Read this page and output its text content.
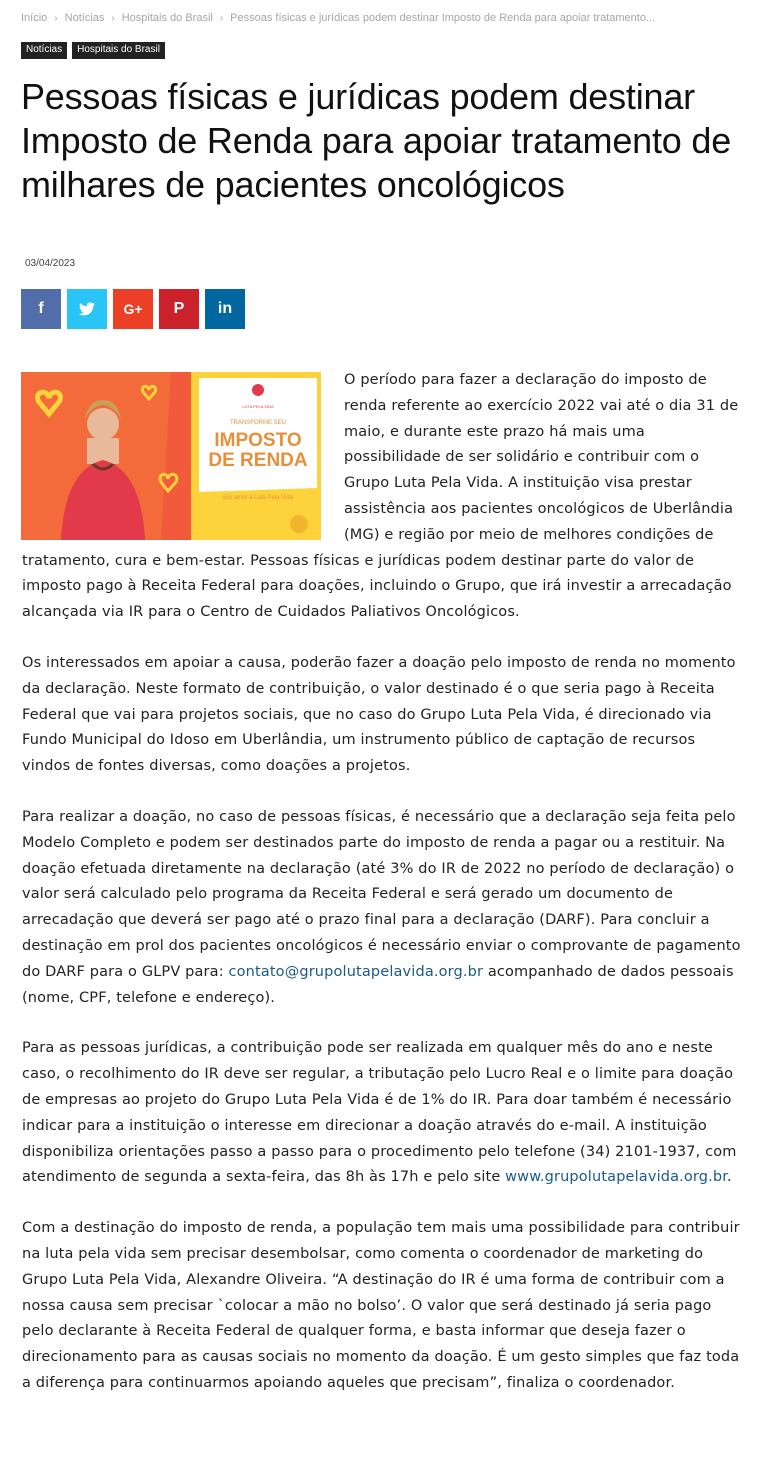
Início › Notícias › Hospitais do Brasil › Pessoas físicas e jurídicas podem destinar Imposto de Renda para apoiar tratamento...
Notícias	Hospitais do Brasil
Pessoas físicas e jurídicas podem destinar Imposto de Renda para apoiar tratamento de milhares de pacientes oncológicos
03/04/2023
f	G+ P in
LUTA PELA VIDA
TRANSFORME SEU
IMPOSTO
DE RENDA
Em amor à Luta Pela Vida

O período para fazer a declaração do imposto de renda referente ao exercício 2022 vai até o dia 31 de maio, e durante este prazo há mais uma possibilidade de ser solidário e contribuir com o Grupo Luta Pela Vida. A instituição visa prestar assistência aos pacientes oncológicos de Uberlândia (MG) e região por meio de melhores condições de tratamento, cura e bem-estar. Pessoas físicas e jurídicas podem destinar parte do valor de imposto pago à Receita Federal para doações, incluindo o Grupo, que irá investir a arrecadação alcançada via IR para o Centro de Cuidados Paliativos Oncológicos.

Os interessados em apoiar a causa, poderão fazer a doação pelo imposto de renda no momento da declaração. Neste formato de contribuição, o valor destinado é o que seria pago à Receita Federal que vai para projetos sociais, que no caso do Grupo Luta Pela Vida, é direcionado via Fundo Municipal do Idoso em Uberlândia, um instrumento público de captação de recursos vindos de fontes diversas, como doações a projetos.

Para realizar a doação, no caso de pessoas físicas, é necessário que a declaração seja feita pelo Modelo Completo e podem ser destinados parte do imposto de renda a pagar ou a restituir. Na doação efetuada diretamente na declaração (até 3% do IR de 2022 no período de declaração) o valor será calculado pelo programa da Receita Federal e será gerado um documento de arrecadação que deverá ser pago até o prazo final para a declaração (DARF). Para concluir a destinação em prol dos pacientes oncológicos é necessário enviar o comprovante de pagamento do DARF para o GLPV para: contato@grupolutapelavida.org.br acompanhado de dados pessoais (nome, CPF, telefone e endereço).

Para as pessoas jurídicas, a contribuição pode ser realizada em qualquer mês do ano e neste caso, o recolhimento do IR deve ser regular, a tributação pelo Lucro Real e o limite para doação de empresas ao projeto do Grupo Luta Pela Vida é de 1% do IR. Para doar também é necessário indicar para a instituição o interesse em direcionar a doação através do e-mail. A instituição disponibiliza orientações passo a passo para o procedimento pelo telefone (34) 2101-1937, com atendimento de segunda a sexta-feira, das 8h às 17h e pelo site www.grupolutapelavida.org.br.

Com a destinação do imposto de renda, a população tem mais uma possibilidade para contribuir na luta pela vida sem precisar desembolsar, como comenta o coordenador de marketing do Grupo Luta Pela Vida, Alexandre Oliveira. “A destinação do IR é uma forma de contribuir com a nossa causa sem precisar `colocar a mão no bolso’. O valor que será destinado já seria pago pelo declarante à Receita Federal de qualquer forma, e basta informar que deseja fazer o direcionamento para as causas sociais no momento da doação. É um gesto simples que faz toda a diferença para continuarmos apoiando aqueles que precisam”, finaliza o coordenador.
